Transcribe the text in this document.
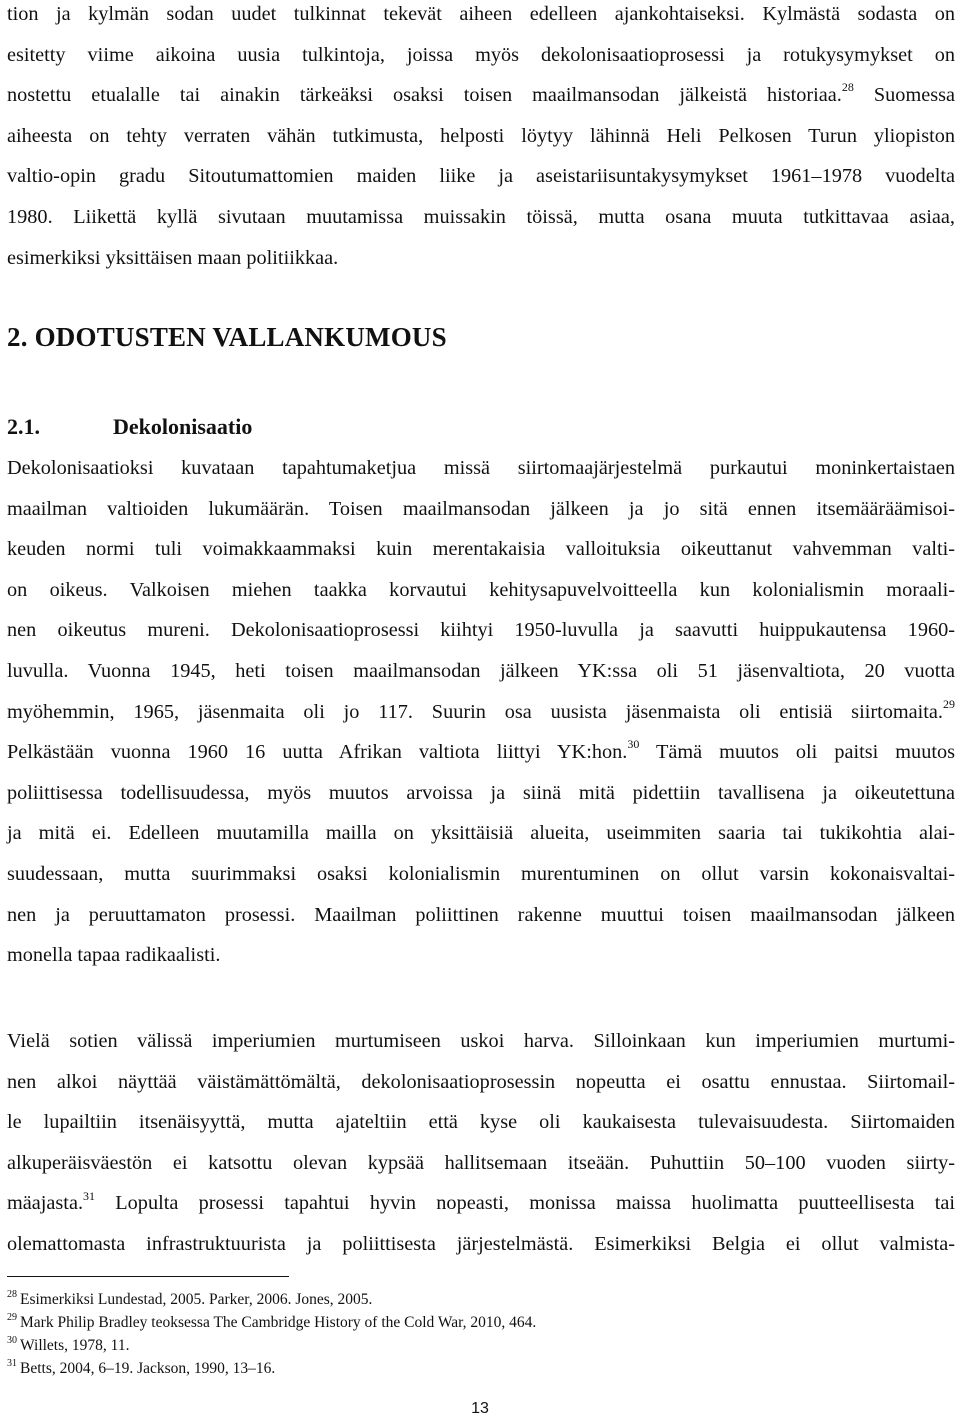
tion ja kylmän sodan uudet tulkinnat tekevät aiheen edelleen ajankohtaiseksi. Kylmästä sodasta on
esitetty viime aikoina uusia tulkintoja, joissa myös dekolonisaatioprosessi ja rotukysymykset on
nostettu etualalle tai ainakin tärkeäksi osaksi toisen maailmansodan jälkeistä historiaa.$^{28}$ Suomessa
aiheesta on tehty verraten vähän tutkimusta, helposti löytyy lähinnä Heli Pelkosen Turun yliopiston
valtio-opin gradu Sitoutumattomien maiden liike ja aseistariisuntakysymykset 1961–1978 vuodelta
1980. Liikettä kyllä sivutaan muutamissa muissakin töissä, mutta osana muuta tutkittavaa asiaa,
esimerkiksi yksittäisen maan politiikkaa.
2. ODOTUSTEN VALLANKUMOUS
2.1.	Dekolonisaatio
Dekolonisaatioksi kuvataan tapahtumaketjua missä siirtomaajärjestelmä purkautui moninkertaistaen
maailman valtioiden lukumäärän. Toisen maailmansodan jälkeen ja jo sitä ennen itsemääräämisoi-
keuden normi tuli voimakkaammaksi kuin merentakaisia valloituksia oikeuttanut vahvemman valti-
on oikeus. Valkoisen miehen taakka korvautui kehitysapuvelvoitteella kun kolonialismin moraali-
nen oikeutus mureni. Dekolonisaatioprosessi kiihtyi 1950-luvulla ja saavutti huippukautensa 1960-
luvulla. Vuonna 1945, heti toisen maailmansodan jälkeen YK:ssa oli 51 jäsenvaltiota, 20 vuotta
myöhemmin, 1965, jäsenmaita oli jo 117. Suurin osa uusista jäsenmaista oli entisiä siirtomaita.$^{29}$
Pelkästään vuonna 1960 16 uutta Afrikan valtiota liittyi YK:hon.$^{30}$ Tämä muutos oli paitsi muutos
poliittisessa todellisuudessa, myös muutos arvoissa ja siinä mitä pidettiin tavallisena ja oikeutettuna
ja mitä ei. Edelleen muutamilla mailla on yksittäisiä alueita, useimmiten saaria tai tukikohtia alai-
suudessaan, mutta suurimmaksi osaksi kolonialismin murentuminen on ollut varsin kokonaisvaltai-
nen ja peruuttamaton prosessi. Maailman poliittinen rakenne muuttui toisen maailmansodan jälkeen
monella tapaa radikaalisti.
Vielä sotien välissä imperiumien murtumiseen uskoi harva. Silloinkaan kun imperiumien murtumi-
nen alkoi näyttää väistämättömältä, dekolonisaatioprosessin nopeutta ei osattu ennustaa. Siirtomail-
le lupailtiin itsenäisyyttä, mutta ajateltiin että kyse oli kaukaisesta tulevaisuudesta. Siirtomaiden
alkuperäisväestön ei katsottu olevan kypsää hallitsemaan itseään. Puhuttiin 50–100 vuoden siirty-
mäajasta.$^{31}$ Lopulta prosessi tapahtui hyvin nopeasti, monissa maissa huolimatta puutteellisesta tai
olemattomasta infrastruktuurista ja poliittisesta järjestelmästä. Esimerkiksi Belgia ei ollut valmista-
$^{28}$ Esimerkiksi Lundestad, 2005. Parker, 2006. Jones, 2005.
$^{29}$ Mark Philip Bradley teoksessa The Cambridge History of the Cold War, 2010, 464.
$^{30}$ Willets, 1978, 11.
$^{31}$ Betts, 2004, 6–19. Jackson, 1990, 13–16.
13
